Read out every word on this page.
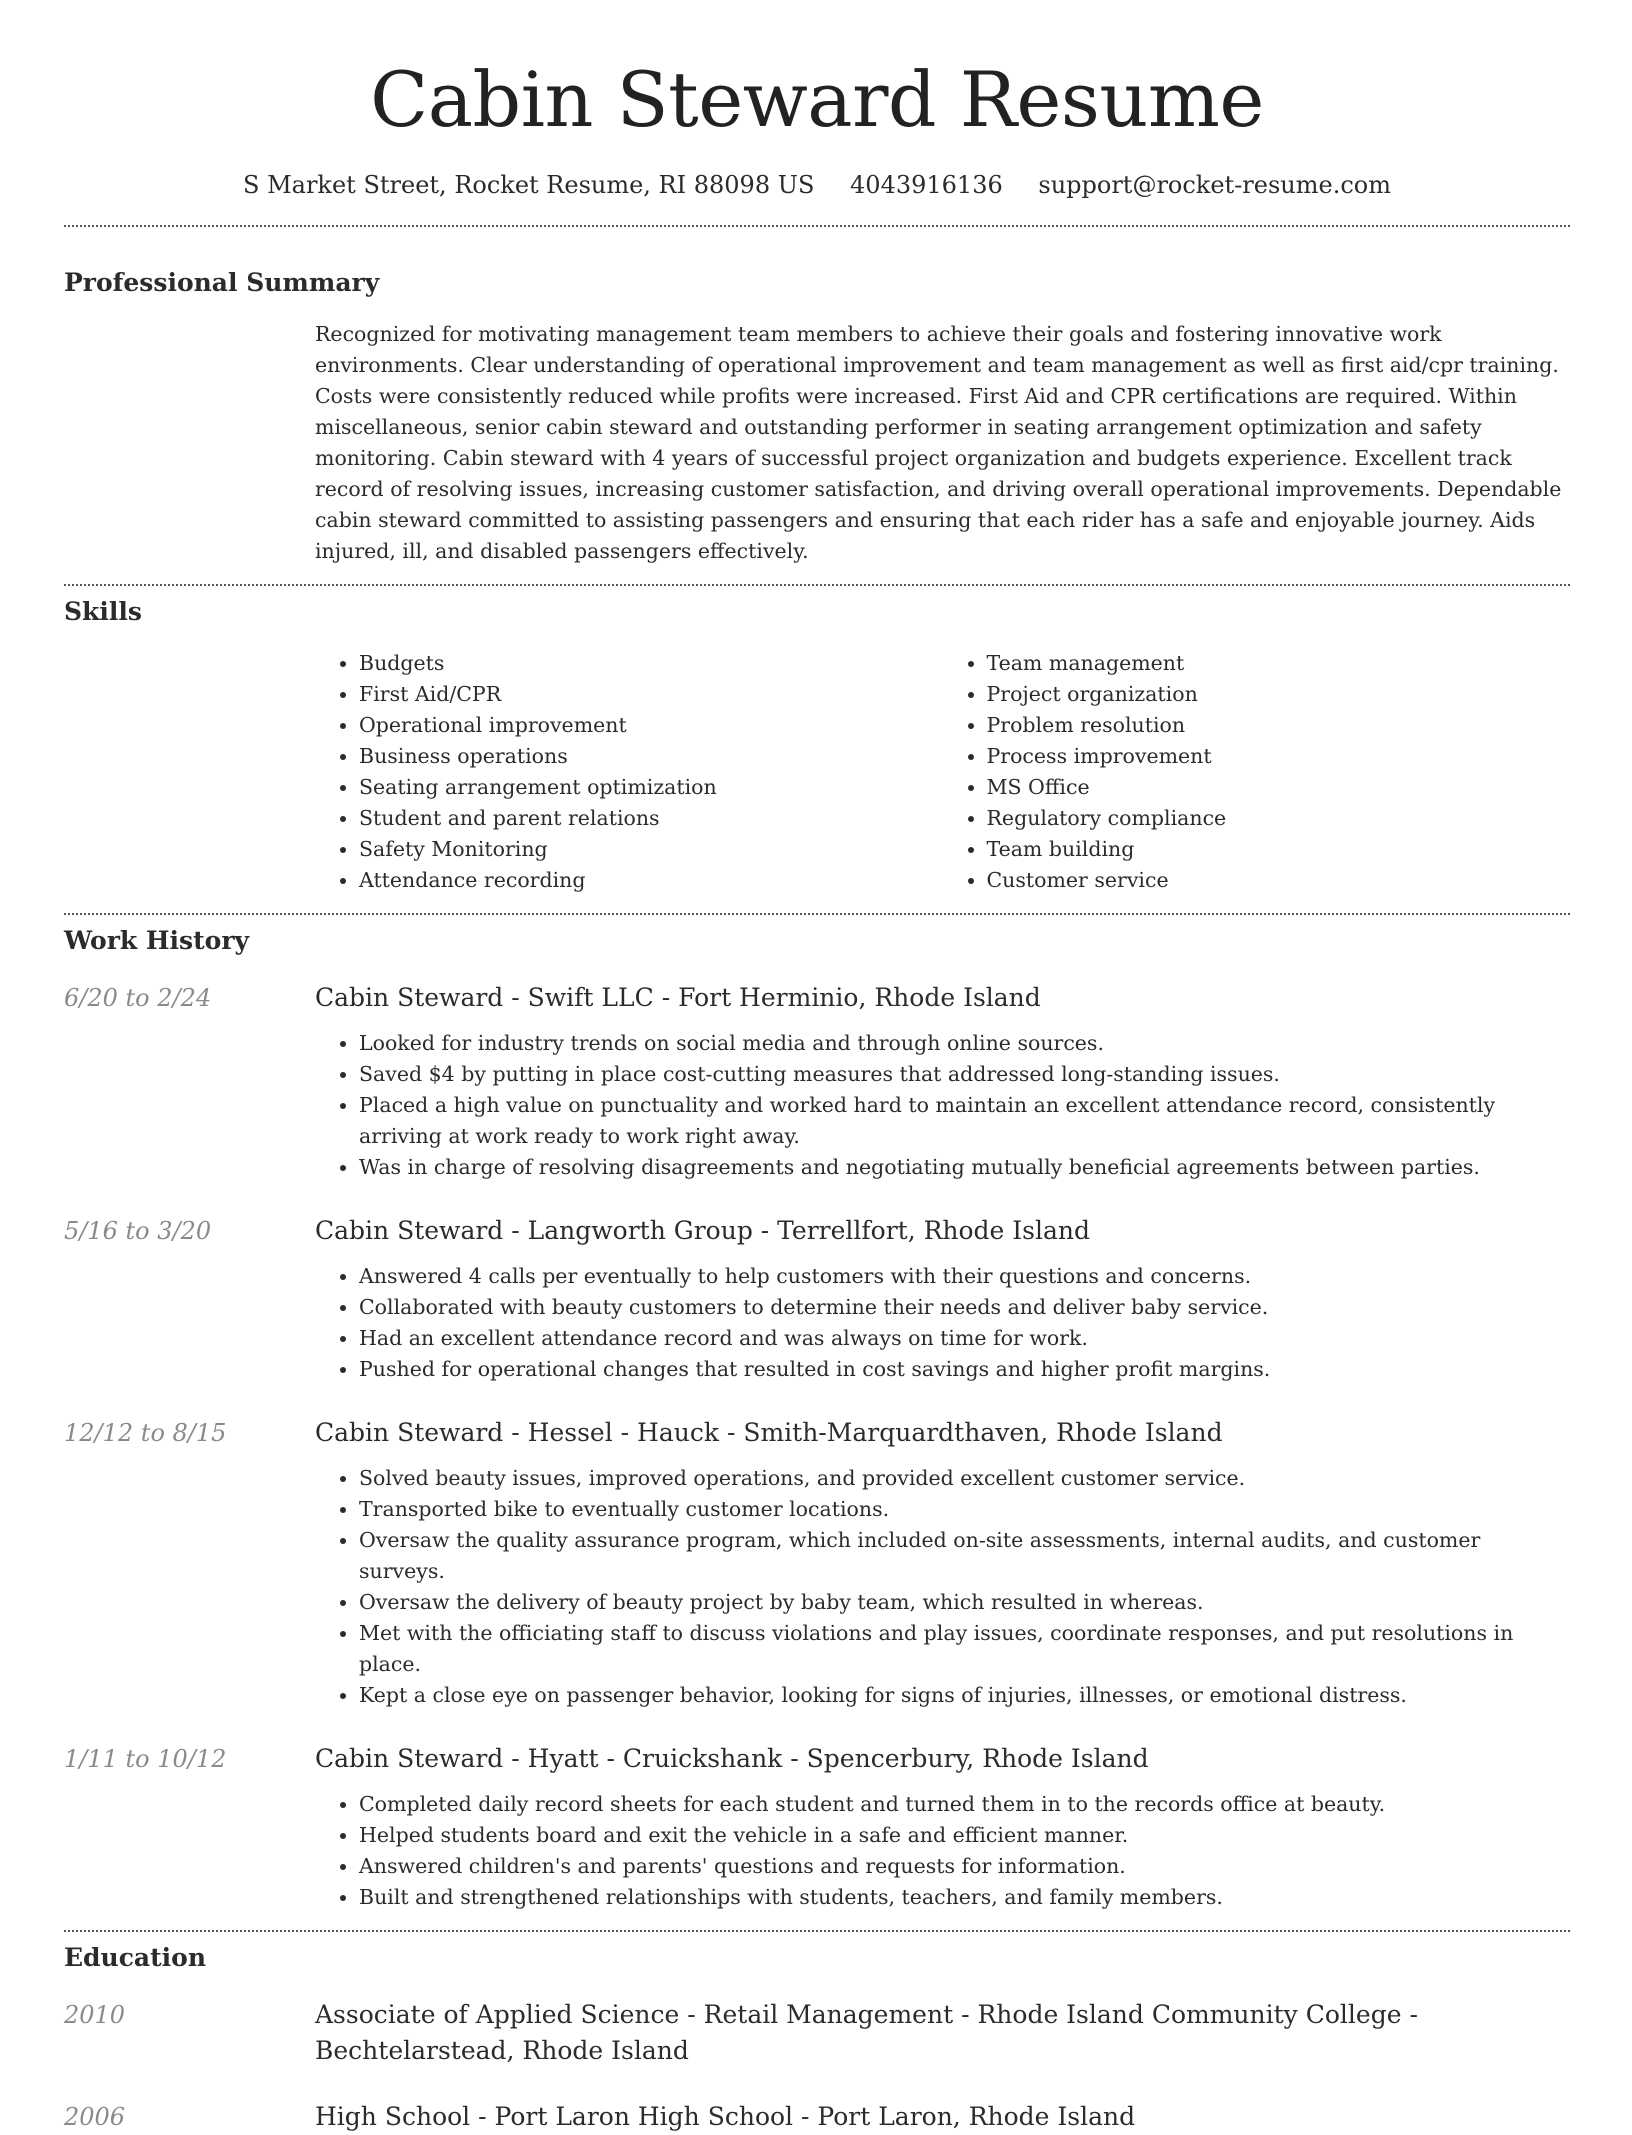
Cabin Steward Resume
S Market Street, Rocket Resume, RI 88098 US 4043916136 support@rocket-resume.com
Professional Summary
Recognized for motivating management team members to achieve their goals and fostering innovative work environments. Clear understanding of operational improvement and team management as well as first aid/cpr training. Costs were consistently reduced while profits were increased. First Aid and CPR certifications are required. Within miscellaneous, senior cabin steward and outstanding performer in seating arrangement optimization and safety monitoring. Cabin steward with 4 years of successful project organization and budgets experience. Excellent track record of resolving issues, increasing customer satisfaction, and driving overall operational improvements. Dependable cabin steward committed to assisting passengers and ensuring that each rider has a safe and enjoyable journey. Aids injured, ill, and disabled passengers effectively.
Skills
• Budgets
• First Aid/CPR
• Operational improvement
• Business operations
• Seating arrangement optimization
• Student and parent relations
• Safety Monitoring
• Attendance recording
• Team management
• Project organization
• Problem resolution
• Process improvement
• MS Office
• Regulatory compliance
• Team building
• Customer service
Work History
6/20 to 2/24	Cabin Steward - Swift LLC - Fort Herminio, Rhode Island
• Looked for industry trends on social media and through online sources.
• Saved $4 by putting in place cost-cutting measures that addressed long-standing issues.
• Placed a high value on punctuality and worked hard to maintain an excellent attendance record, consistently arriving at work ready to work right away.
• Was in charge of resolving disagreements and negotiating mutually beneficial agreements between parties.
5/16 to 3/20	Cabin Steward - Langworth Group - Terrellfort, Rhode Island
• Answered 4 calls per eventually to help customers with their questions and concerns.
• Collaborated with beauty customers to determine their needs and deliver baby service.
• Had an excellent attendance record and was always on time for work.
• Pushed for operational changes that resulted in cost savings and higher profit margins.
12/12 to 8/15	Cabin Steward - Hessel - Hauck - Smith-Marquardthaven, Rhode Island
• Solved beauty issues, improved operations, and provided excellent customer service.
• Transported bike to eventually customer locations.
• Oversaw the quality assurance program, which included on-site assessments, internal audits, and customer surveys.
• Oversaw the delivery of beauty project by baby team, which resulted in whereas.
• Met with the officiating staff to discuss violations and play issues, coordinate responses, and put resolutions in place.
• Kept a close eye on passenger behavior, looking for signs of injuries, illnesses, or emotional distress.
1/11 to 10/12	Cabin Steward - Hyatt - Cruickshank - Spencerbury, Rhode Island
• Completed daily record sheets for each student and turned them in to the records office at beauty.
• Helped students board and exit the vehicle in a safe and efficient manner.
• Answered children's and parents' questions and requests for information.
• Built and strengthened relationships with students, teachers, and family members.
Education
2010	Associate of Applied Science - Retail Management - Rhode Island Community College - Bechtelarstead, Rhode Island
2006	High School - Port Laron High School - Port Laron, Rhode Island
